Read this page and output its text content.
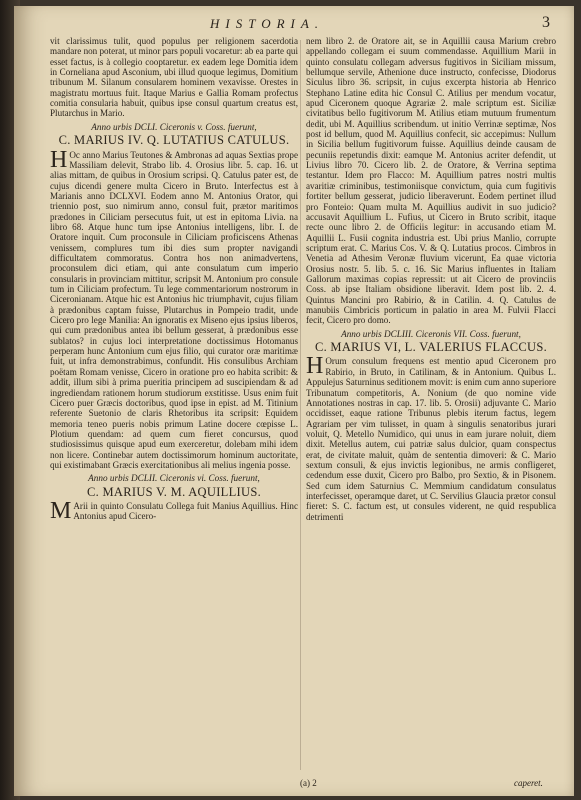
HISTORIA.	3

vit clarissimus tulit, quod populus per religionem sacerdotia mandare non poterat, ut minor pars populi vocaretur: ab ea parte qui esset factus, is à collegio cooptaretur. ex eadem lege Domitia idem in Corneliana apud Asconium, ubi illud quoque legimus, Domitium tribunum M. Silanum consularem hominem vexavisse. Orestes in magistratu mortuus fuit. Itaque Marius e Gallia Romam profectus comitia consularia habuit, quibus ipse consul quartum creatus est, Plutarchus in Mario.

Anno urbis DCLI. Ciceronis v. Coss. fuerunt,

C. MARIUS IV. Q. LUTATIUS CATULUS.

H Oc anno Marius Teutones & Ambronas ad aquas Sextias prope Massiliam delevit, Strabo lib. 4. Orosius libr. 5. cap. 16. ut alias mittam, de quibus in Orosium scripsi. Q. Catulus pater est, de cujus dicendi genere multa Cicero in Bruto. Interfectus est à Marianis anno DCLXVI. Eodem anno M. Antonius Orator, qui triennio post, suo nimirum anno, consul fuit, prætor maritimos prædones in Ciliciam persecutus fuit, ut est in epitoma Livia. na libro 68. Atque hunc tum ipse Antonius intelligens, libr. I. de Oratore inquit. Cum proconsule in Ciliciam proficiscens Athenas venissem, complures tum ibi dies sum propter navigandi difficultatem commoratus. Contra hos non animadvertens, proconsulem dici etiam, qui ante consulatum cum imperio consularis in provinciam mittitur, scripsit M. Antonium pro consule tum in Ciliciam profectum. Tu lege commentariorum nostrorum in Ciceronianam. Atque hic est Antonius hic triumphavit, cujus filiam à prædonibus captam fuisse, Plutarchus in Pompeio tradit, unde Cicero pro lege Manilia: An ignoratis ex Miseno ejus ipsius liberos, qui cum prædonibus antea ibi bellum gesserat, à prædonibus esse sublatos? in cujus loci interpretatione doctissimus Hotomanus perperam hunc Antonium cum ejus filio, qui curator oræ maritimæ fuit, ut infra demonstrabimus, confundit. His consulibus Archiam poëtam Romam venisse, Cicero in oratione pro eo habita scribit: & addit, illum sibi à prima pueritia principem ad suscipiendam & ad ingrediendam rationem horum studiorum exstitisse. Usus enim fuit Cicero puer Græcis doctoribus, quod ipse in epist. ad M. Titinium referente Suetonio de claris Rhetoribus ita scripsit: Equidem memoria teneo pueris nobis primum Latine docere cœpisse L. Plotium quendam: ad quem cum fieret concursus, quod studiosissimus quisque apud eum exerceretur, dolebam mihi idem non licere. Continebar autem doctissimorum hominum auctoritate, qui existimabant Græcis exercitationibus ali melius ingenia posse.

Anno urbis DCLII. Ciceronis vi. Coss. fuerunt,

C. MARIUS V. M. AQUILLIUS.

M Arii in quinto Consulatu Collega fuit Manius Aquillius. Hinc Antonius apud Cicero-

nem libro 2. de Oratore ait, se in Aquillii causa Marium crebro appellando collegam ei suum commendasse. Aquillium Marii in quinto consulatu collegam adversus fugitivos in Siciliam missum, bellumque servile, Athenione duce instructo, confecisse, Diodorus Siculus libro 36. scripsit, in cujus excerpta historia ab Henrico Stephano Latine edita hic Consul C. Atilius per mendum vocatur, apud Ciceronem quoque Agrariæ 2. male scriptum est. Siciliæ civitatibus bello fugitivorum M. Atilius etiam mutuum frumentum dedit, ubi M. Aquillius scribendum. ut initio Verrinæ septimæ, Nos post id bellum, quod M. Aquillius confecit, sic accepimus: Nullum in Sicilia bellum fugitivorum fuisse. Aquillius deinde causam de pecuniis repetundis dixit: eamque M. Antonius acriter defendit, ut Livius libro 70. Cicero lib. 2. de Oratore, & Verrina septima testantur. Idem pro Flacco: M. Aquillium patres nostri multis avaritiæ criminibus, testimoniisque convictum, quia cum fugitivis fortiter bellum gesserat, judicio liberaverunt. Eodem pertinet illud pro Fonteio: Quam multa M. Aquillius audivit in suo judicio? accusavit Aquillium L. Fufius, ut Cicero in Bruto scribit, itaque recte ounc libro 2. de Officiis legitur: in accusando etiam M. Aquillii L. Fusii cognita industria est. Ubi prius Manlio, corrupte scriptum erat. C. Marius Cos. V. & Q. Lutatius procos. Cimbros in Venetia ad Athesim Veronæ fluvium vicerunt, Ea quae victoria Orosius nostr. 5. lib. 5. c. 16. Sic Marius influentes in Italiam Gallorum maximas copias repressit: ut ait Cicero de provinciis Coss. ab ipse Italiam obsidione liberavit. Idem post lib. 2. 4. Quintus Mancini pro Rabirio, & in Catilin. 4. Q. Catulus de manubiis Cimbricis porticum in palatio in area M. Fulvii Flacci fecit, Cicero pro domo.

Anno urbis DCLIII. Ciceronis VII. Coss. fuerunt,

C. MARIUS VI, L. VALERIUS FLACCUS.

H Orum consulum frequens est mentio apud Ciceronem pro Rabirio, in Bruto, in Catilinam, & in Antonium. Quibus L. Appulejus Saturninus seditionem movit: is enim cum anno superiore Tribunatum competitoris, A. Nonium (de quo nomine vide Annotationes nostras in cap. 17. lib. 5. Orosii) adjuvante C. Mario occidisset, eaque ratione Tribunus plebis iterum factus, legem Agrariam per vim tulisset, in quam à singulis senatoribus jurari voluit, Q. Metello Numidico, qui unus in eam jurare noluit, diem dixit. Metellus autem, cui patriæ salus dulcior, quam conspectus erat, de civitate maluit, quàm de sententia dimoveri: & C. Mario sextum consuli, & ejus invictis legionibus, ne armis confligeret, cedendum esse duxit, Cicero pro Balbo, pro Sextio, & in Pisonem. Sed cum idem Saturnius C. Memmium candidatum consulatus interfecisset, operamque daret, ut C. Servilius Glaucia prætor consul fieret: S. C. factum est, ut consules viderent, ne quid respublica detrimenti

(a) 2	caperet.
